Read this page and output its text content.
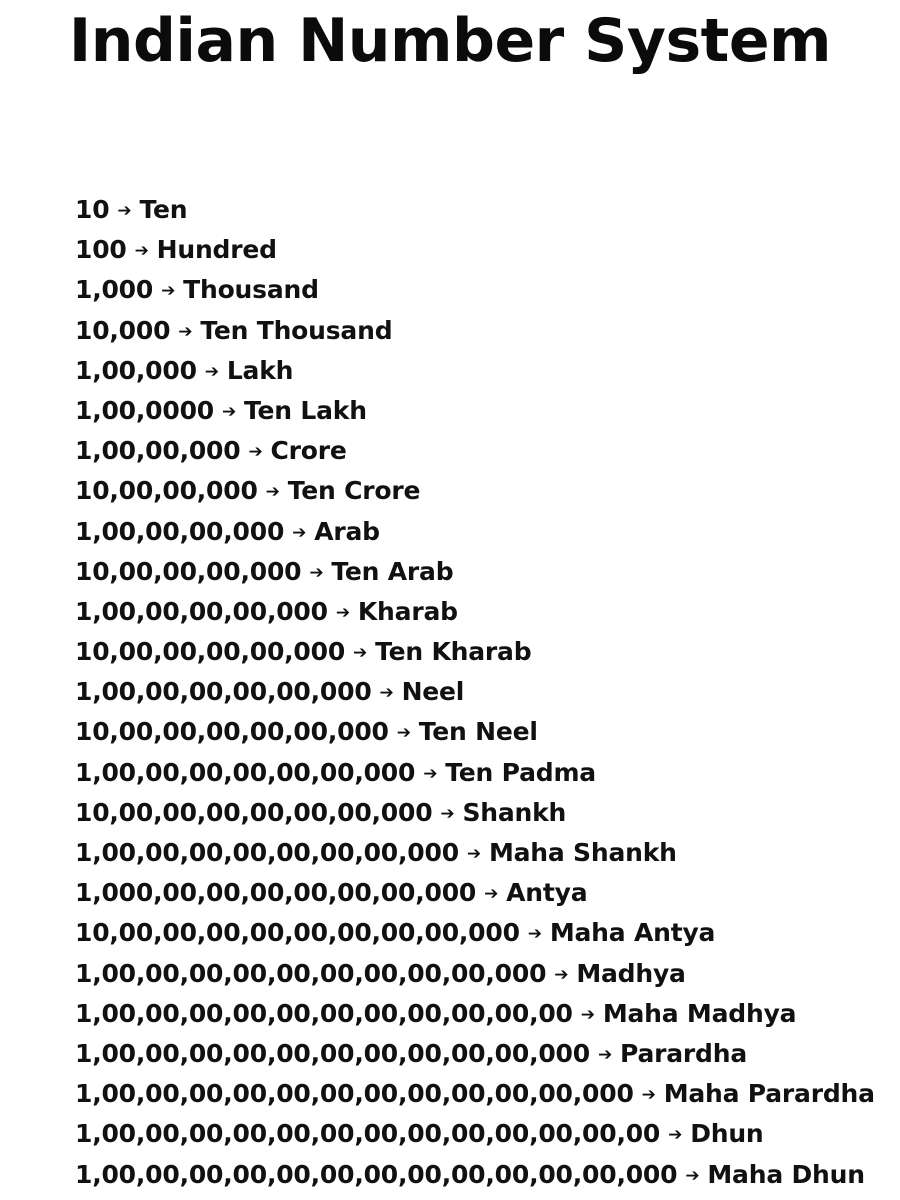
Indian Number System
10 ➔ Ten
100 ➔ Hundred
1,000 ➔ Thousand
10,000 ➔ Ten Thousand
1,00,000 ➔ Lakh
1,00,0000 ➔ Ten Lakh
1,00,00,000 ➔ Crore
10,00,00,000 ➔ Ten Crore
1,00,00,00,000 ➔ Arab
10,00,00,00,000 ➔ Ten Arab
1,00,00,00,00,000 ➔ Kharab
10,00,00,00,00,000 ➔ Ten Kharab
1,00,00,00,00,00,000 ➔ Neel
10,00,00,00,00,00,000 ➔ Ten Neel
1,00,00,00,00,00,00,000 ➔ Ten Padma
10,00,00,00,00,00,00,000 ➔ Shankh
1,00,00,00,00,00,00,00,000 ➔ Maha Shankh
1,000,00,00,00,00,00,00,000 ➔ Antya
10,00,00,00,00,00,00,00,00,000 ➔ Maha Antya
1,00,00,00,00,00,00,00,00,00,000 ➔ Madhya
1,00,00,00,00,00,00,00,00,00,00,00 ➔ Maha Madhya
1,00,00,00,00,00,00,00,00,00,00,000 ➔ Parardha
1,00,00,00,00,00,00,00,00,00,00,00,000 ➔ Maha Parardha
1,00,00,00,00,00,00,00,00,00,00,00,00,00 ➔ Dhun
1,00,00,00,00,00,00,00,00,00,00,00,00,000 ➔ Maha Dhun
